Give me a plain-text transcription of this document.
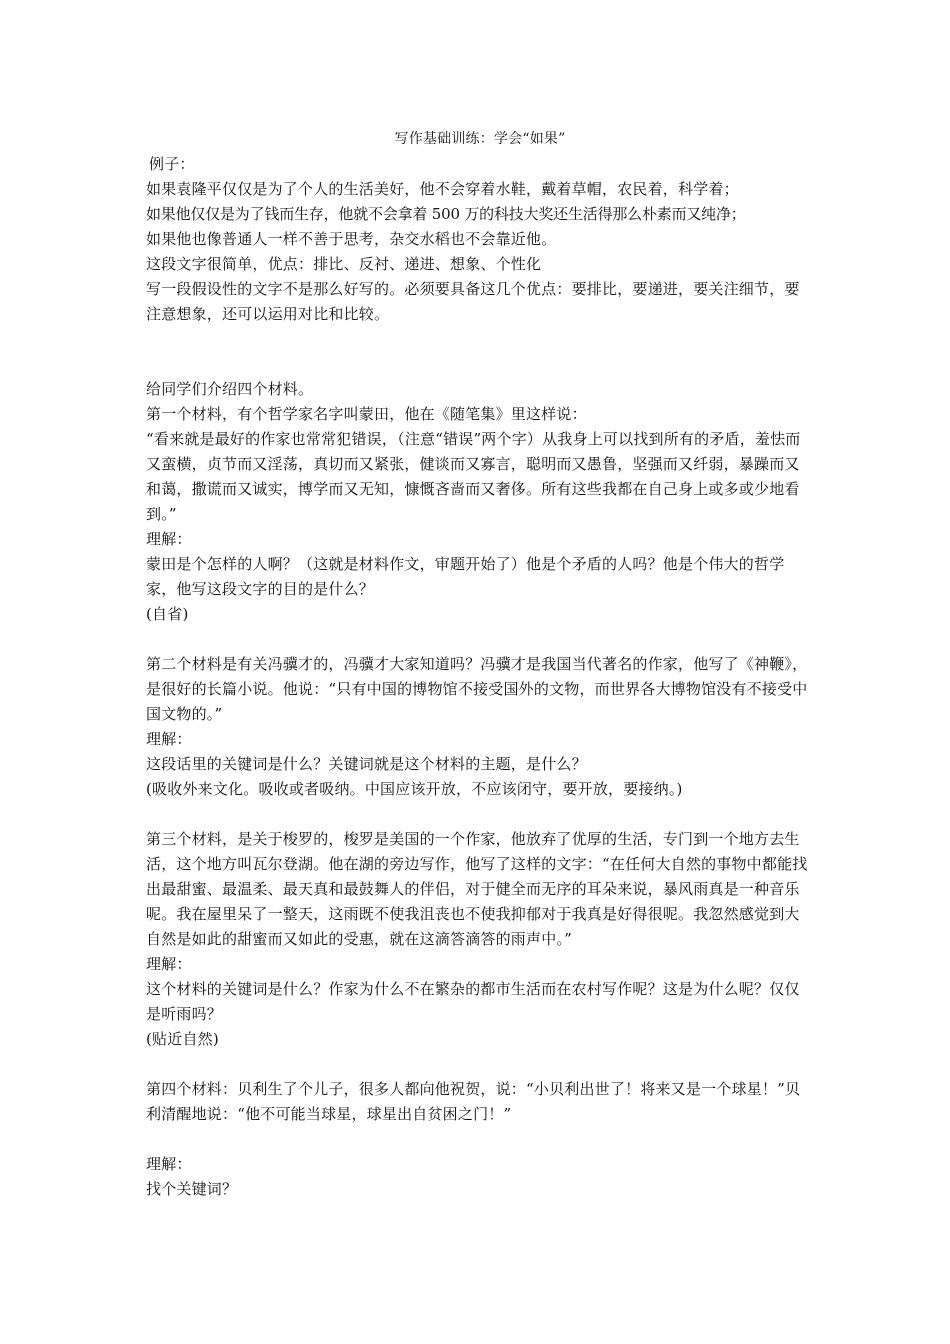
写作基础训练：学会“如果”

例子：

如果袁隆平仅仅是为了个人的生活美好，他不会穿着水鞋，戴着草帽，农民着，科学着；

如果他仅仅是为了钱而生存，他就不会拿着 500 万的科技大奖还生活得那么朴素而又纯净；

如果他也像普通人一样不善于思考，杂交水稻也不会靠近他。

这段文字很简单，优点：排比、反衬、递进、想象、个性化

写一段假设性的文字不是那么好写的。必须要具备这几个优点：要排比，要递进，要关注细节，要注意想象，还可以运用对比和比较。

给同学们介绍四个材料。

第一个材料，有个哲学家名字叫蒙田，他在《随笔集》里这样说：

“看来就是最好的作家也常常犯错误，（注意“错误”两个字）从我身上可以找到所有的矛盾，羞怯而又蛮横，贞节而又淫荡，真切而又紧张，健谈而又寡言，聪明而又愚鲁，坚强而又纤弱，暴躁而又和蔼，撒谎而又诚实，博学而又无知，慷慨吝啬而又奢侈。所有这些我都在自己身上或多或少地看到。”

理解：

蒙田是个怎样的人啊？（这就是材料作文，审题开始了）他是个矛盾的人吗？他是个伟大的哲学家，他写这段文字的目的是什么？

(自省)

第二个材料是有关冯骥才的，冯骥才大家知道吗？冯骥才是我国当代著名的作家，他写了《神鞭》，是很好的长篇小说。他说：“只有中国的博物馆不接受国外的文物，而世界各大博物馆没有不接受中国文物的。”

理解：

这段话里的关键词是什么？关键词就是这个材料的主题，是什么？

(吸收外来文化。吸收或者吸纳。中国应该开放，不应该闭守，要开放，要接纳。)

第三个材料，是关于梭罗的，梭罗是美国的一个作家，他放弃了优厚的生活，专门到一个地方去生活，这个地方叫瓦尔登湖。他在湖的旁边写作，他写了这样的文字：“在任何大自然的事物中都能找出最甜蜜、最温柔、最天真和最鼓舞人的伴侣，对于健全而无序的耳朵来说，暴风雨真是一种音乐呢。我在屋里呆了一整天，这雨既不使我沮丧也不使我抑郁对于我真是好得很呢。我忽然感觉到大自然是如此的甜蜜而又如此的受惠，就在这滴答滴答的雨声中。”

理解：

这个材料的关键词是什么？作家为什么不在繁杂的都市生活而在农村写作呢？这是为什么呢？仅仅是听雨吗？

(贴近自然)

第四个材料：贝利生了个儿子，很多人都向他祝贺，说：“小贝利出世了！将来又是一个球星！”贝利清醒地说：“他不可能当球星，球星出自贫困之门！”

理解：

找个关键词？
